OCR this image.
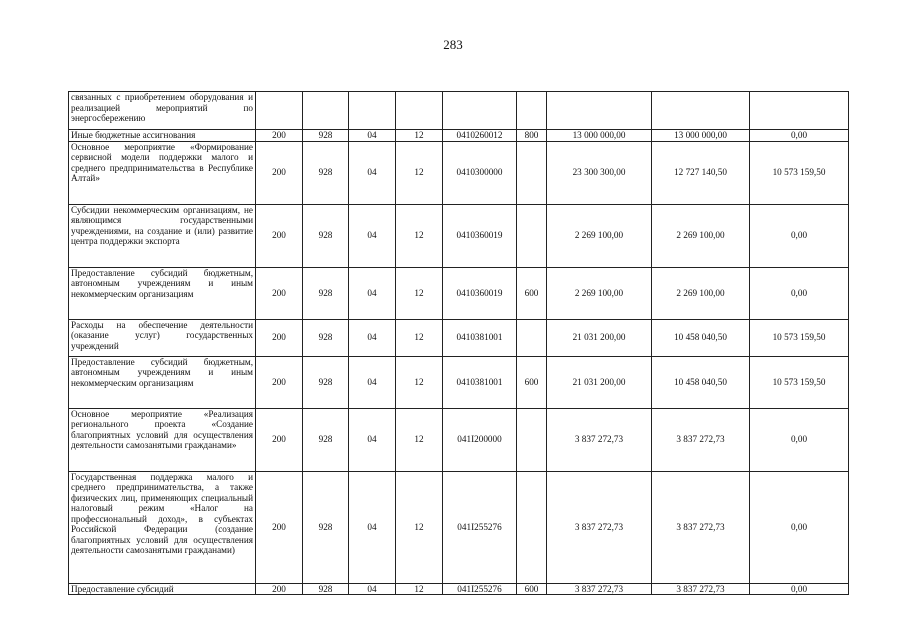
283
связанных с приобретением оборудования и реализацией мероприятий по энергосбережению									
Иные бюджетные ассигнования	200	928	04	12	0410260012	800	13 000 000,00	13 000 000,00	0,00
Основное мероприятие «Формирование сервисной модели поддержки малого и среднего предпринимательства в Республике Алтай»	200	928	04	12	0410300000		23 300 300,00	12 727 140,50	10 573 159,50
Субсидии некоммерческим организациям, не являющимся государственными учреждениями, на создание и (или) развитие центра поддержки экспорта	200	928	04	12	0410360019		2 269 100,00	2 269 100,00	0,00
Предоставление субсидий бюджетным, автономным учреждениям и иным некоммерческим организациям	200	928	04	12	0410360019	600	2 269 100,00	2 269 100,00	0,00
Расходы на обеспечение деятельности (оказание услуг) государственных учреждений	200	928	04	12	0410381001		21 031 200,00	10 458 040,50	10 573 159,50
Предоставление субсидий бюджетным, автономным учреждениям и иным некоммерческим организациям	200	928	04	12	0410381001	600	21 031 200,00	10 458 040,50	10 573 159,50
Основное мероприятие «Реализация регионального проекта «Создание благоприятных условий для осуществления деятельности самозанятыми гражданами»	200	928	04	12	041I200000		3 837 272,73	3 837 272,73	0,00
Государственная поддержка малого и среднего предпринимательства, а также физических лиц, применяющих специальный налоговый режим «Налог на профессиональный доход», в субъектах Российской Федерации (создание благоприятных условий для осуществления деятельности самозанятыми гражданами)	200	928	04	12	041I255276		3 837 272,73	3 837 272,73	0,00
Предоставление субсидий	200	928	04	12	041I255276	600	3 837 272,73	3 837 272,73	0,00
